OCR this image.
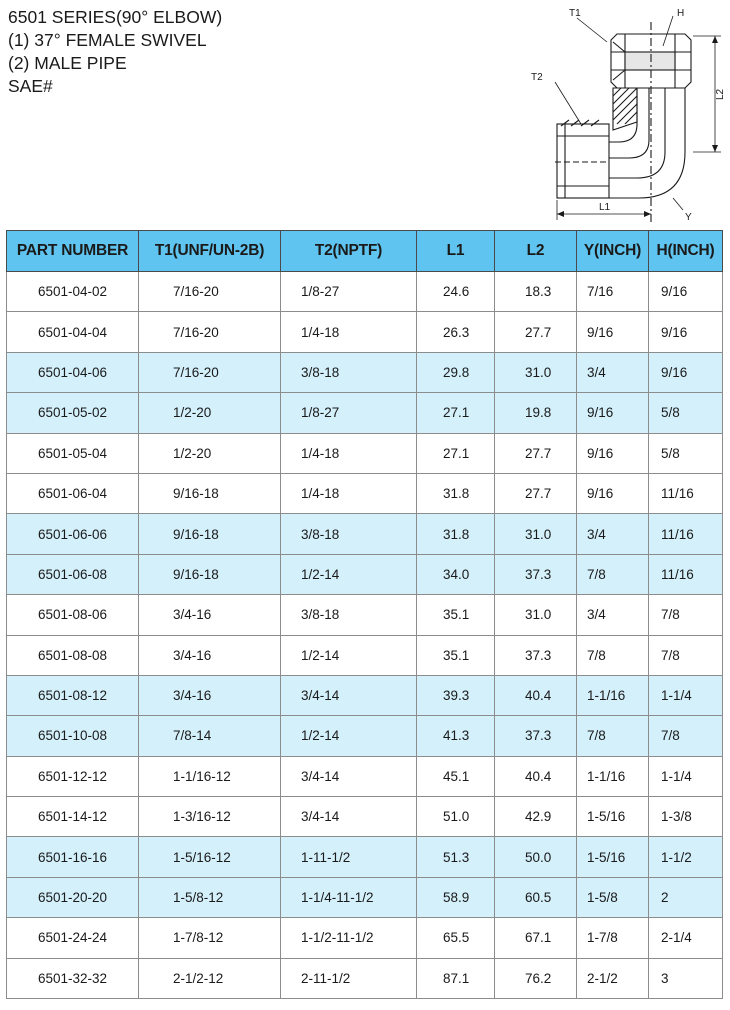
6501 SERIES(90° ELBOW)
(1) 37° FEMALE SWIVEL
(2) MALE PIPE
SAE#
T1	H
T2
L2
L1
Y
PART NUMBER	T1(UNF/UN-2B)	T2(NPTF)	L1	L2	Y(INCH)	H(INCH)
6501-04-02	7/16-20	1/8-27	24.6	18.3	7/16	9/16
6501-04-04	7/16-20	1/4-18	26.3	27.7	9/16	9/16
6501-04-06	7/16-20	3/8-18	29.8	31.0	3/4	9/16
6501-05-02	1/2-20	1/8-27	27.1	19.8	9/16	5/8
6501-05-04	1/2-20	1/4-18	27.1	27.7	9/16	5/8
6501-06-04	9/16-18	1/4-18	31.8	27.7	9/16	11/16
6501-06-06	9/16-18	3/8-18	31.8	31.0	3/4	11/16
6501-06-08	9/16-18	1/2-14	34.0	37.3	7/8	11/16
6501-08-06	3/4-16	3/8-18	35.1	31.0	3/4	7/8
6501-08-08	3/4-16	1/2-14	35.1	37.3	7/8	7/8
6501-08-12	3/4-16	3/4-14	39.3	40.4	1-1/16	1-1/4
6501-10-08	7/8-14	1/2-14	41.3	37.3	7/8	7/8
6501-12-12	1-1/16-12	3/4-14	45.1	40.4	1-1/16	1-1/4
6501-14-12	1-3/16-12	3/4-14	51.0	42.9	1-5/16	1-3/8
6501-16-16	1-5/16-12	1-11-1/2	51.3	50.0	1-5/16	1-1/2
6501-20-20	1-5/8-12	1-1/4-11-1/2	58.9	60.5	1-5/8	2
6501-24-24	1-7/8-12	1-1/2-11-1/2	65.5	67.1	1-7/8	2-1/4
6501-32-32	2-1/2-12	2-11-1/2	87.1	76.2	2-1/2	3
